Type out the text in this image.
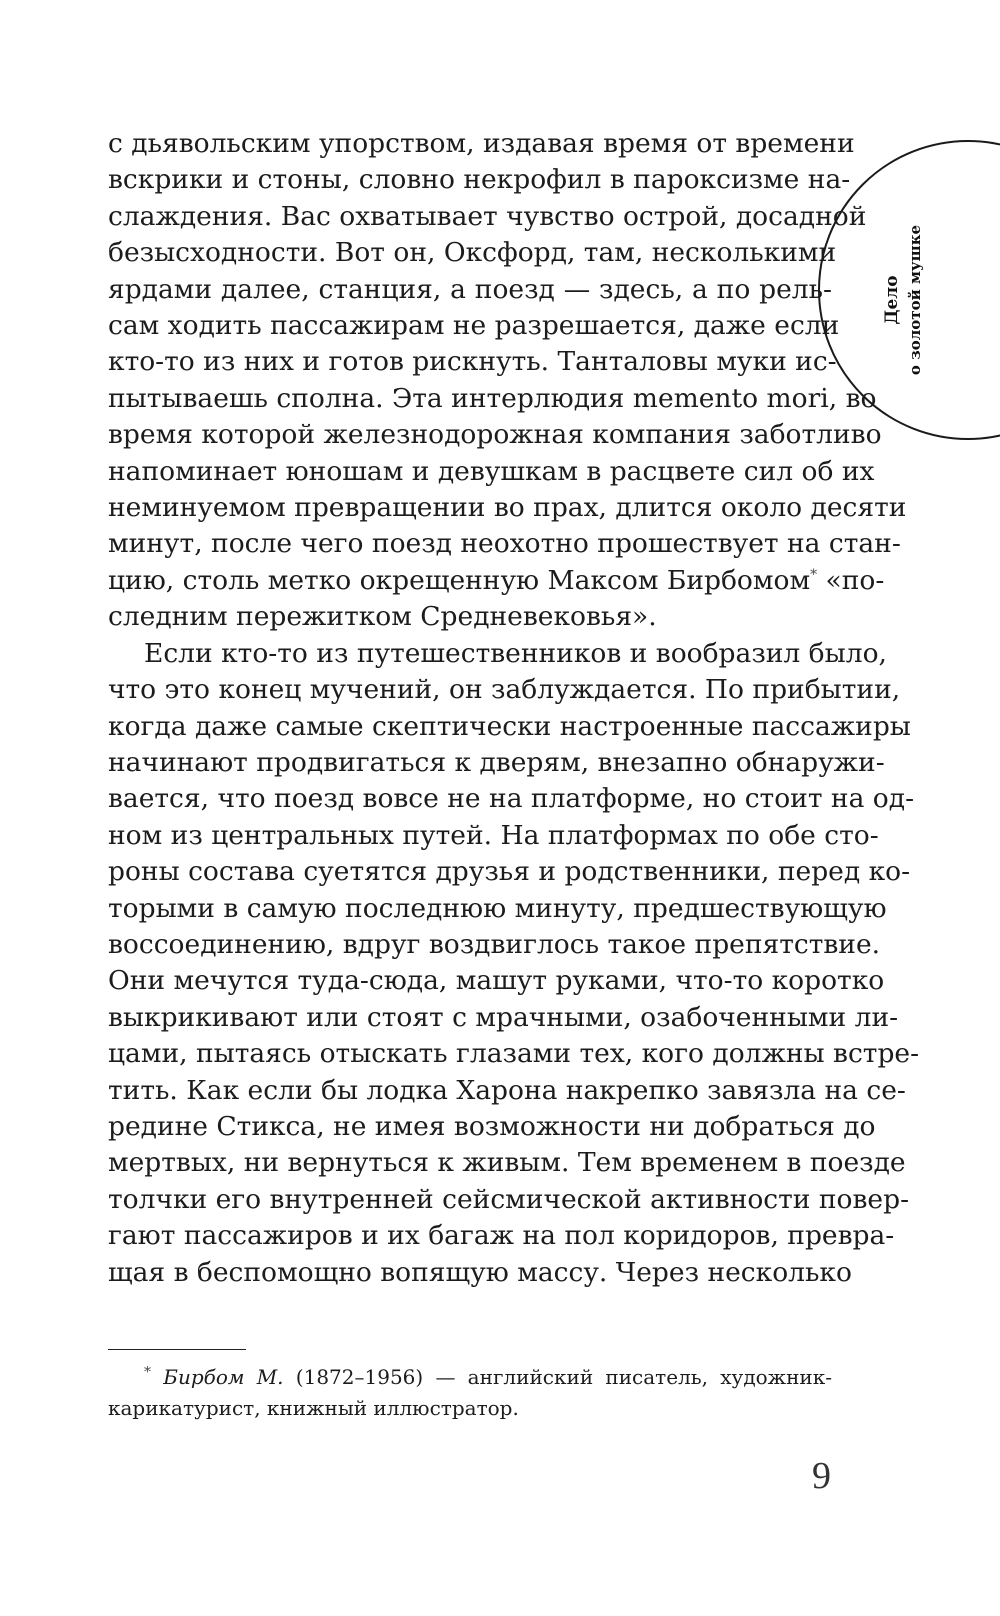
с дьявольским упорством, издавая время от времени
вскрики и стоны, словно некрофил в пароксизме на-
слаждения. Вас охватывает чувство острой, досадной
безысходности. Вот он, Оксфорд, там, несколькими
ярдами далее, станция, а поезд — здесь, а по рель-
сам ходить пассажирам не разрешается, даже если
кто-то из них и готов рискнуть. Танталовы муки ис-
пытываешь сполна. Эта интерлюдия memento mori, во
время которой железнодорожная компания заботливо
напоминает юношам и девушкам в расцвете сил об их
неминуемом превращении во прах, длится около десяти
минут, после чего поезд неохотно прошествует на стан-
цию, столь метко окрещенную Максом Бирбомом* «по-
следним пережитком Средневековья».
Если кто-то из путешественников и вообразил было,
что это конец мучений, он заблуждается. По прибытии,
когда даже самые скептически настроенные пассажиры
начинают продвигаться к дверям, внезапно обнаружи-
вается, что поезд вовсе не на платформе, но стоит на од-
ном из центральных путей. На платформах по обе сто-
роны состава суетятся друзья и родственники, перед ко-
торыми в самую последнюю минуту, предшествующую
воссоединению, вдруг воздвиглось такое препятствие.
Они мечутся туда-сюда, машут руками, что-то коротко
выкрикивают или стоят с мрачными, озабоченными ли-
цами, пытаясь отыскать глазами тех, кого должны встре-
тить. Как если бы лодка Харона накрепко завязла на се-
редине Стикса, не имея возможности ни добраться до
мертвых, ни вернуться к живым. Тем временем в поезде
толчки его внутренней сейсмической активности повер-
гают пассажиров и их багаж на пол коридоров, превра-
щая в беспомощно вопящую массу. Через несколько
Дело о золотой мушке
* Бирбом М. (1872–1956) — английский писатель, художник-
карикатурист, книжный иллюстратор.
9
